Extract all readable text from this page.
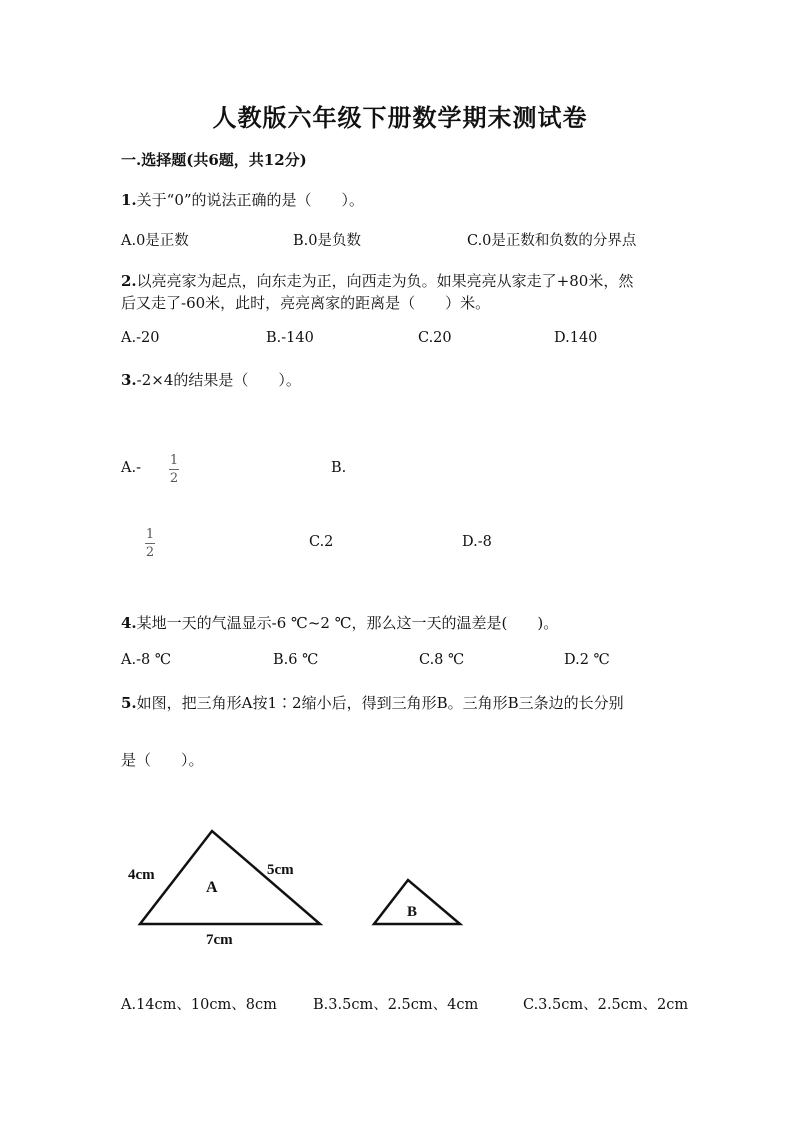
人教版六年级下册数学期末测试卷
一.选择题(共6题，共12分)
1.关于“0”的说法正确的是（　　）。
A.0是正数	B.0是负数	C.0是正数和负数的分界点
2.以亮亮家为起点，向东走为正，向西走为负。如果亮亮从家走了+80米，然
后又走了-60米，此时，亮亮离家的距离是（　　）米。
A.-20	B.-140	C.20	D.140
3.-2×4的结果是（　　）。
A.- 1
2
B.
1
2
C.2	D.-8
4.某地一天的气温显示-6 ℃~2 ℃，那么这一天的温差是(　　)。
A.-8 ℃	B.6 ℃	C.8 ℃	D.2 ℃
5.如图，把三角形A按1∶2缩小后，得到三角形B。三角形B三条边的长分别
是（　　）。
4cm	5cm
A
7cm
B
A.14cm、10cm、8cm B.3.5cm、2.5cm、4cm	C.3.5cm、2.5cm、2cm
